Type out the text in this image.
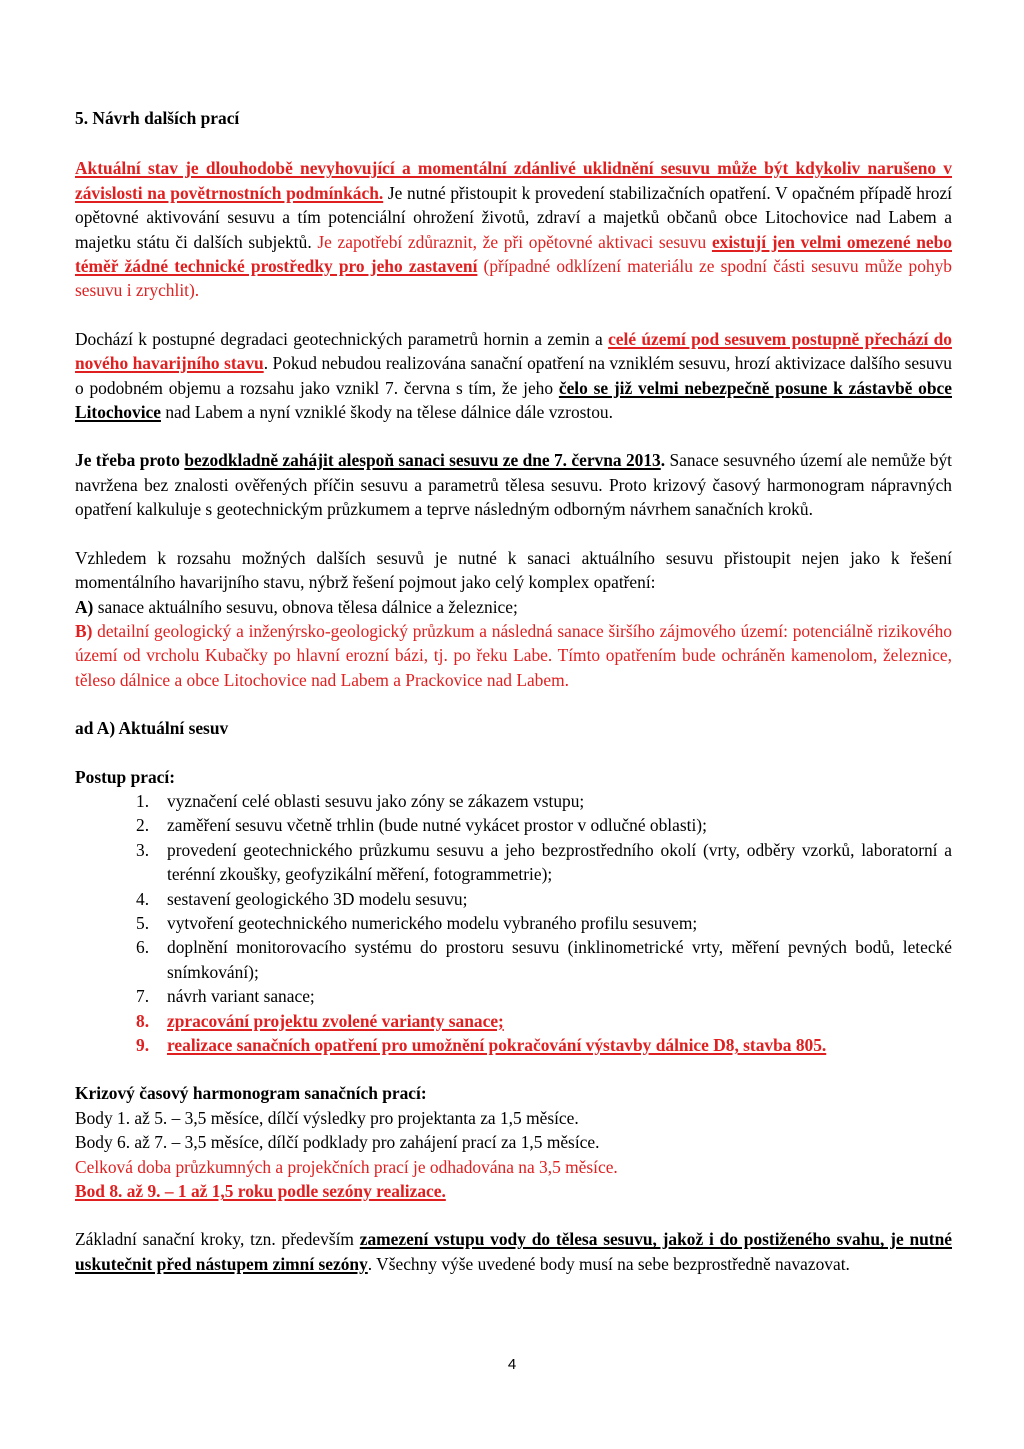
5. Návrh dalších prací

Aktuální stav je dlouhodobě nevyhovující a momentální zdánlivé uklidnění sesuvu může být kdykoliv narušeno v závislosti na povětrnostních podmínkách. Je nutné přistoupit k provedení stabilizačních opatření. V opačném případě hrozí opětovné aktivování sesuvu a tím potenciální ohrožení životů, zdraví a majetků občanů obce Litochovice nad Labem a majetku státu či dalších subjektů. Je zapotřebí zdůraznit, že při opětovné aktivaci sesuvu existují jen velmi omezené nebo téměř žádné technické prostředky pro jeho zastavení (případné odklízení materiálu ze spodní části sesuvu může pohyb sesuvu i zrychlit).

Dochází k postupné degradaci geotechnických parametrů hornin a zemin a celé území pod sesuvem postupně přechází do nového havarijního stavu. Pokud nebudou realizována sanační opatření na vzniklém sesuvu, hrozí aktivizace dalšího sesuvu o podobném objemu a rozsahu jako vznikl 7. června s tím, že jeho čelo se již velmi nebezpečně posune k zástavbě obce Litochovice nad Labem a nyní vzniklé škody na tělese dálnice dále vzrostou.

Je třeba proto bezodkladně zahájit alespoň sanaci sesuvu ze dne 7. června 2013. Sanace sesuvného území ale nemůže být navržena bez znalosti ověřených příčin sesuvu a parametrů tělesa sesuvu. Proto krizový časový harmonogram nápravných opatření kalkuluje s geotechnickým průzkumem a teprve následným odborným návrhem sanačních kroků.

Vzhledem k rozsahu možných dalších sesuvů je nutné k sanaci aktuálního sesuvu přistoupit nejen jako k řešení momentálního havarijního stavu, nýbrž řešení pojmout jako celý komplex opatření:

A) sanace aktuálního sesuvu, obnova tělesa dálnice a železnice;

B) detailní geologický a inženýrsko-geologický průzkum a následná sanace širšího zájmového území: potenciálně rizikového území od vrcholu Kubačky po hlavní erozní bázi, tj. po řeku Labe. Tímto opatřením bude ochráněn kamenolom, železnice, těleso dálnice a obce Litochovice nad Labem a Prackovice nad Labem.

ad A) Aktuální sesuv
Postup prací:
1. vyznačení celé oblasti sesuvu jako zóny se zákazem vstupu;
2. zaměření sesuvu včetně trhlin (bude nutné vykácet prostor v odlučné oblasti);
3. provedení geotechnického průzkumu sesuvu a jeho bezprostředního okolí (vrty, odběry vzorků, laboratorní a terénní zkoušky, geofyzikální měření, fotogrammetrie);
4. sestavení geologického 3D modelu sesuvu;
5. vytvoření geotechnického numerického modelu vybraného profilu sesuvem;
6. doplnění monitorovacího systému do prostoru sesuvu (inklinometrické vrty, měření pevných bodů, letecké snímkování);
7. návrh variant sanace;
8. zpracování projektu zvolené varianty sanace;
9. realizace sanačních opatření pro umožnění pokračování výstavby dálnice D8, stavba 805.
Krizový časový harmonogram sanačních prací:

Body 1. až 5. – 3,5 měsíce, dílčí výsledky pro projektanta za 1,5 měsíce.

Body 6. až 7. – 3,5 měsíce, dílčí podklady pro zahájení prací za 1,5 měsíce.

Celková doba průzkumných a projekčních prací je odhadována na 3,5 měsíce.

Bod 8. až 9. – 1 až 1,5 roku podle sezóny realizace.

Základní sanační kroky, tzn. především zamezení vstupu vody do tělesa sesuvu, jakož i do postiženého svahu, je nutné uskutečnit před nástupem zimní sezóny. Všechny výše uvedené body musí na sebe bezprostředně navazovat.

4
